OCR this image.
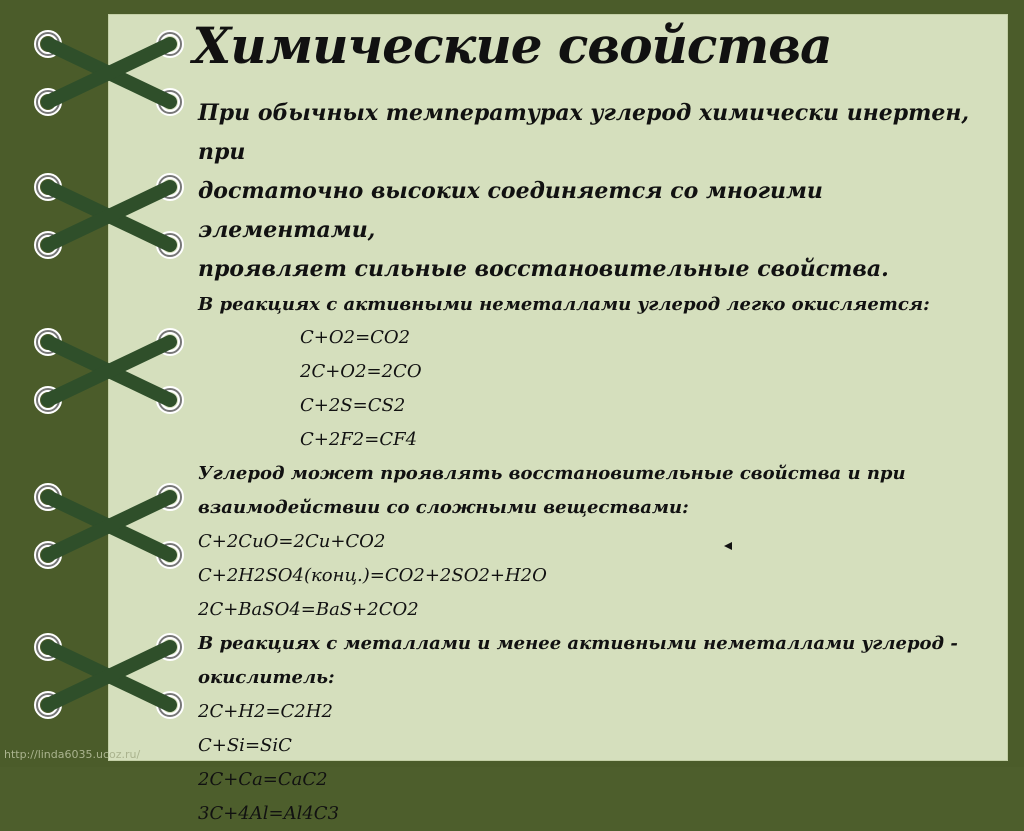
Химические свойства
При обычных температурах углерод химически инертен, при
достаточно высоких соединяется со многими элементами,
проявляет сильные восстановительные свойства.
В реакциях с активными неметаллами углерод легко окисляется:
C+O2=CO2
2C+O2=2CO
C+2S=CS2
C+2F2=CF4
Углерод может проявлять восстановительные свойства и при
взаимодействии со сложными веществами:
C+2CuO=2Cu+CO2
C+2H2SO4(конц.)=CO2+2SO2+H2O
2C+BaSO4=BaS+2CO2
В реакциях с металлами и менее активными неметаллами углерод -
окислитель:
2C+H2=C2H2
C+Si=SiC
2C+Ca=CaC2
3C+4Al=Al4C3
http://linda6035.ucoz.ru/
